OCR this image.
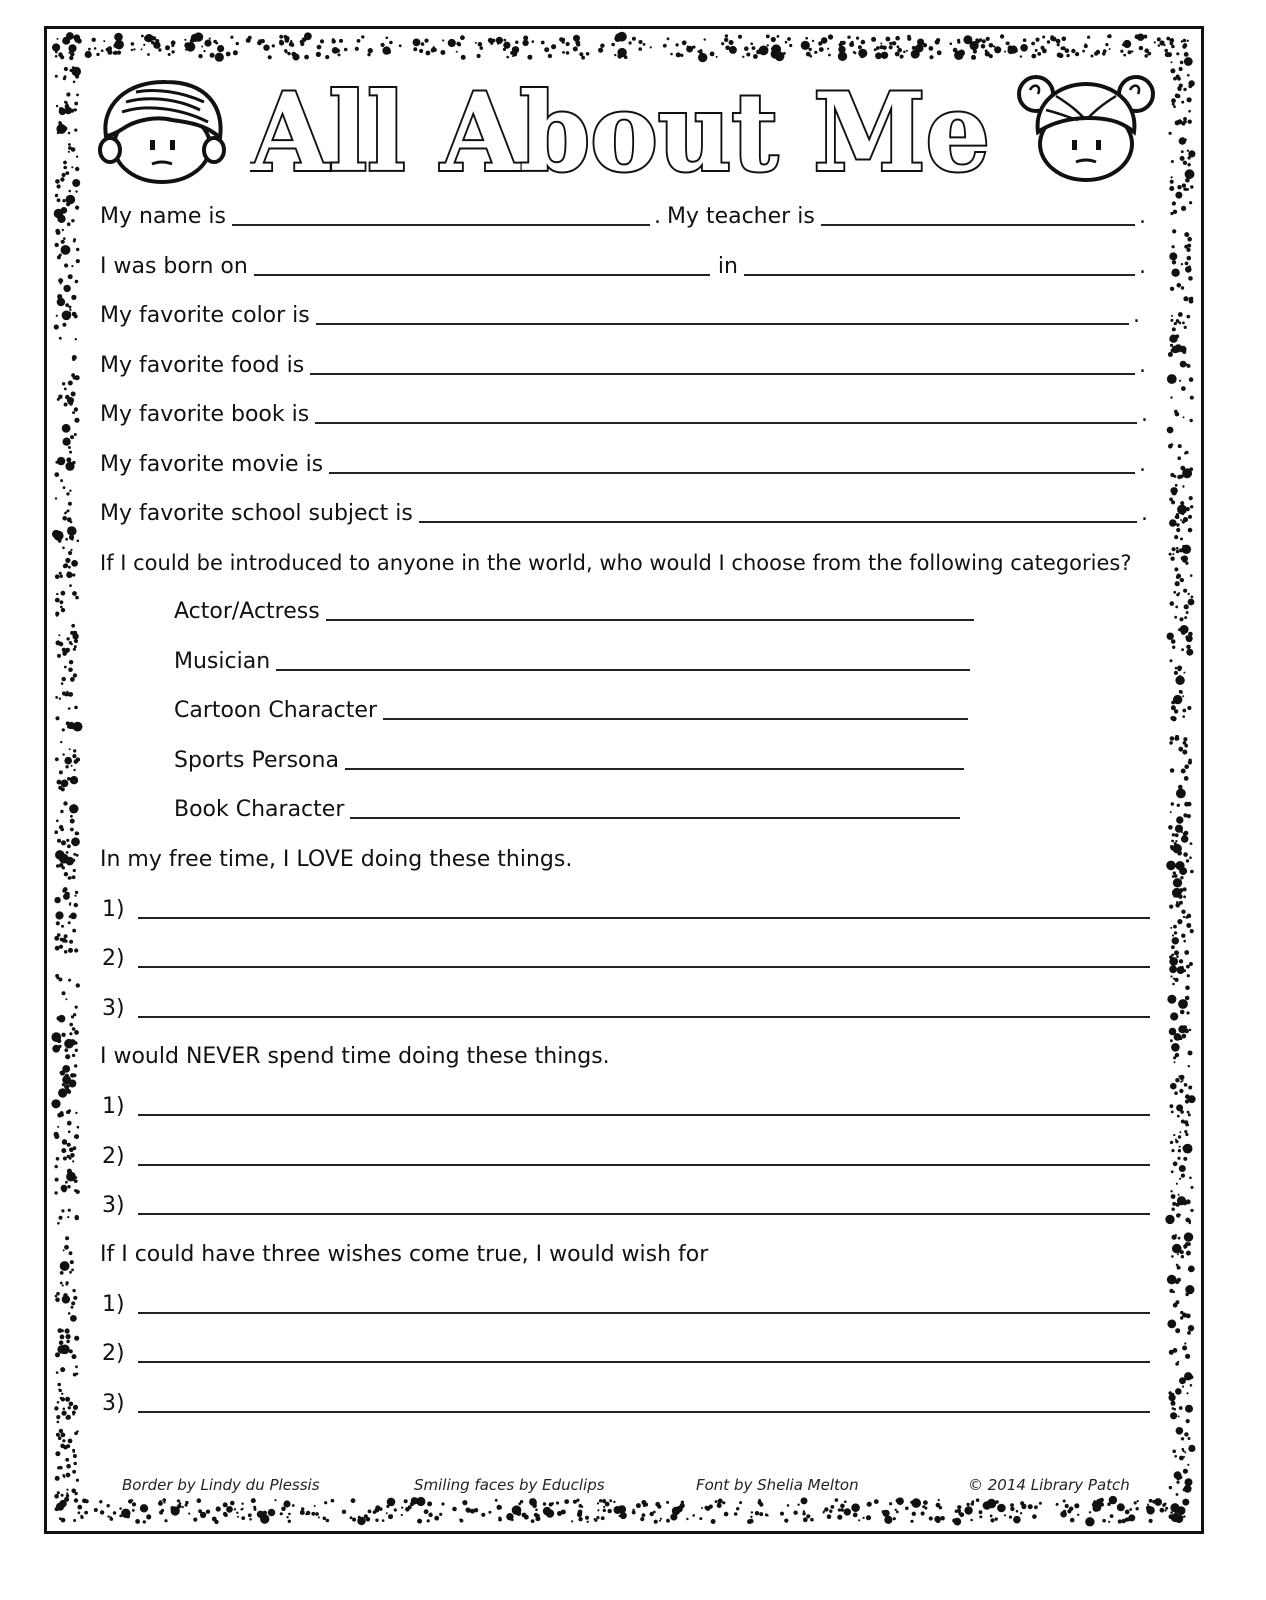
All About Me
My name is	. My teacher is	.
I was born on	in	.
My favorite color is	.
My favorite food is	.
My favorite book is	.
My favorite movie is	.
My favorite school subject is	.
If I could be introduced to anyone in the world, who would I choose from the following categories?
Actor/Actress
Musician
Cartoon Character
Sports Persona
Book Character
In my free time, I LOVE doing these things.
1)
2)
3)
I would NEVER spend time doing these things.
1)
2)
3)
If I could have three wishes come true, I would wish for
1)
2)
3)
Border by Lindy du Plessis	Smiling faces by Educlips	Font by Shelia Melton	© 2014 Library Patch
